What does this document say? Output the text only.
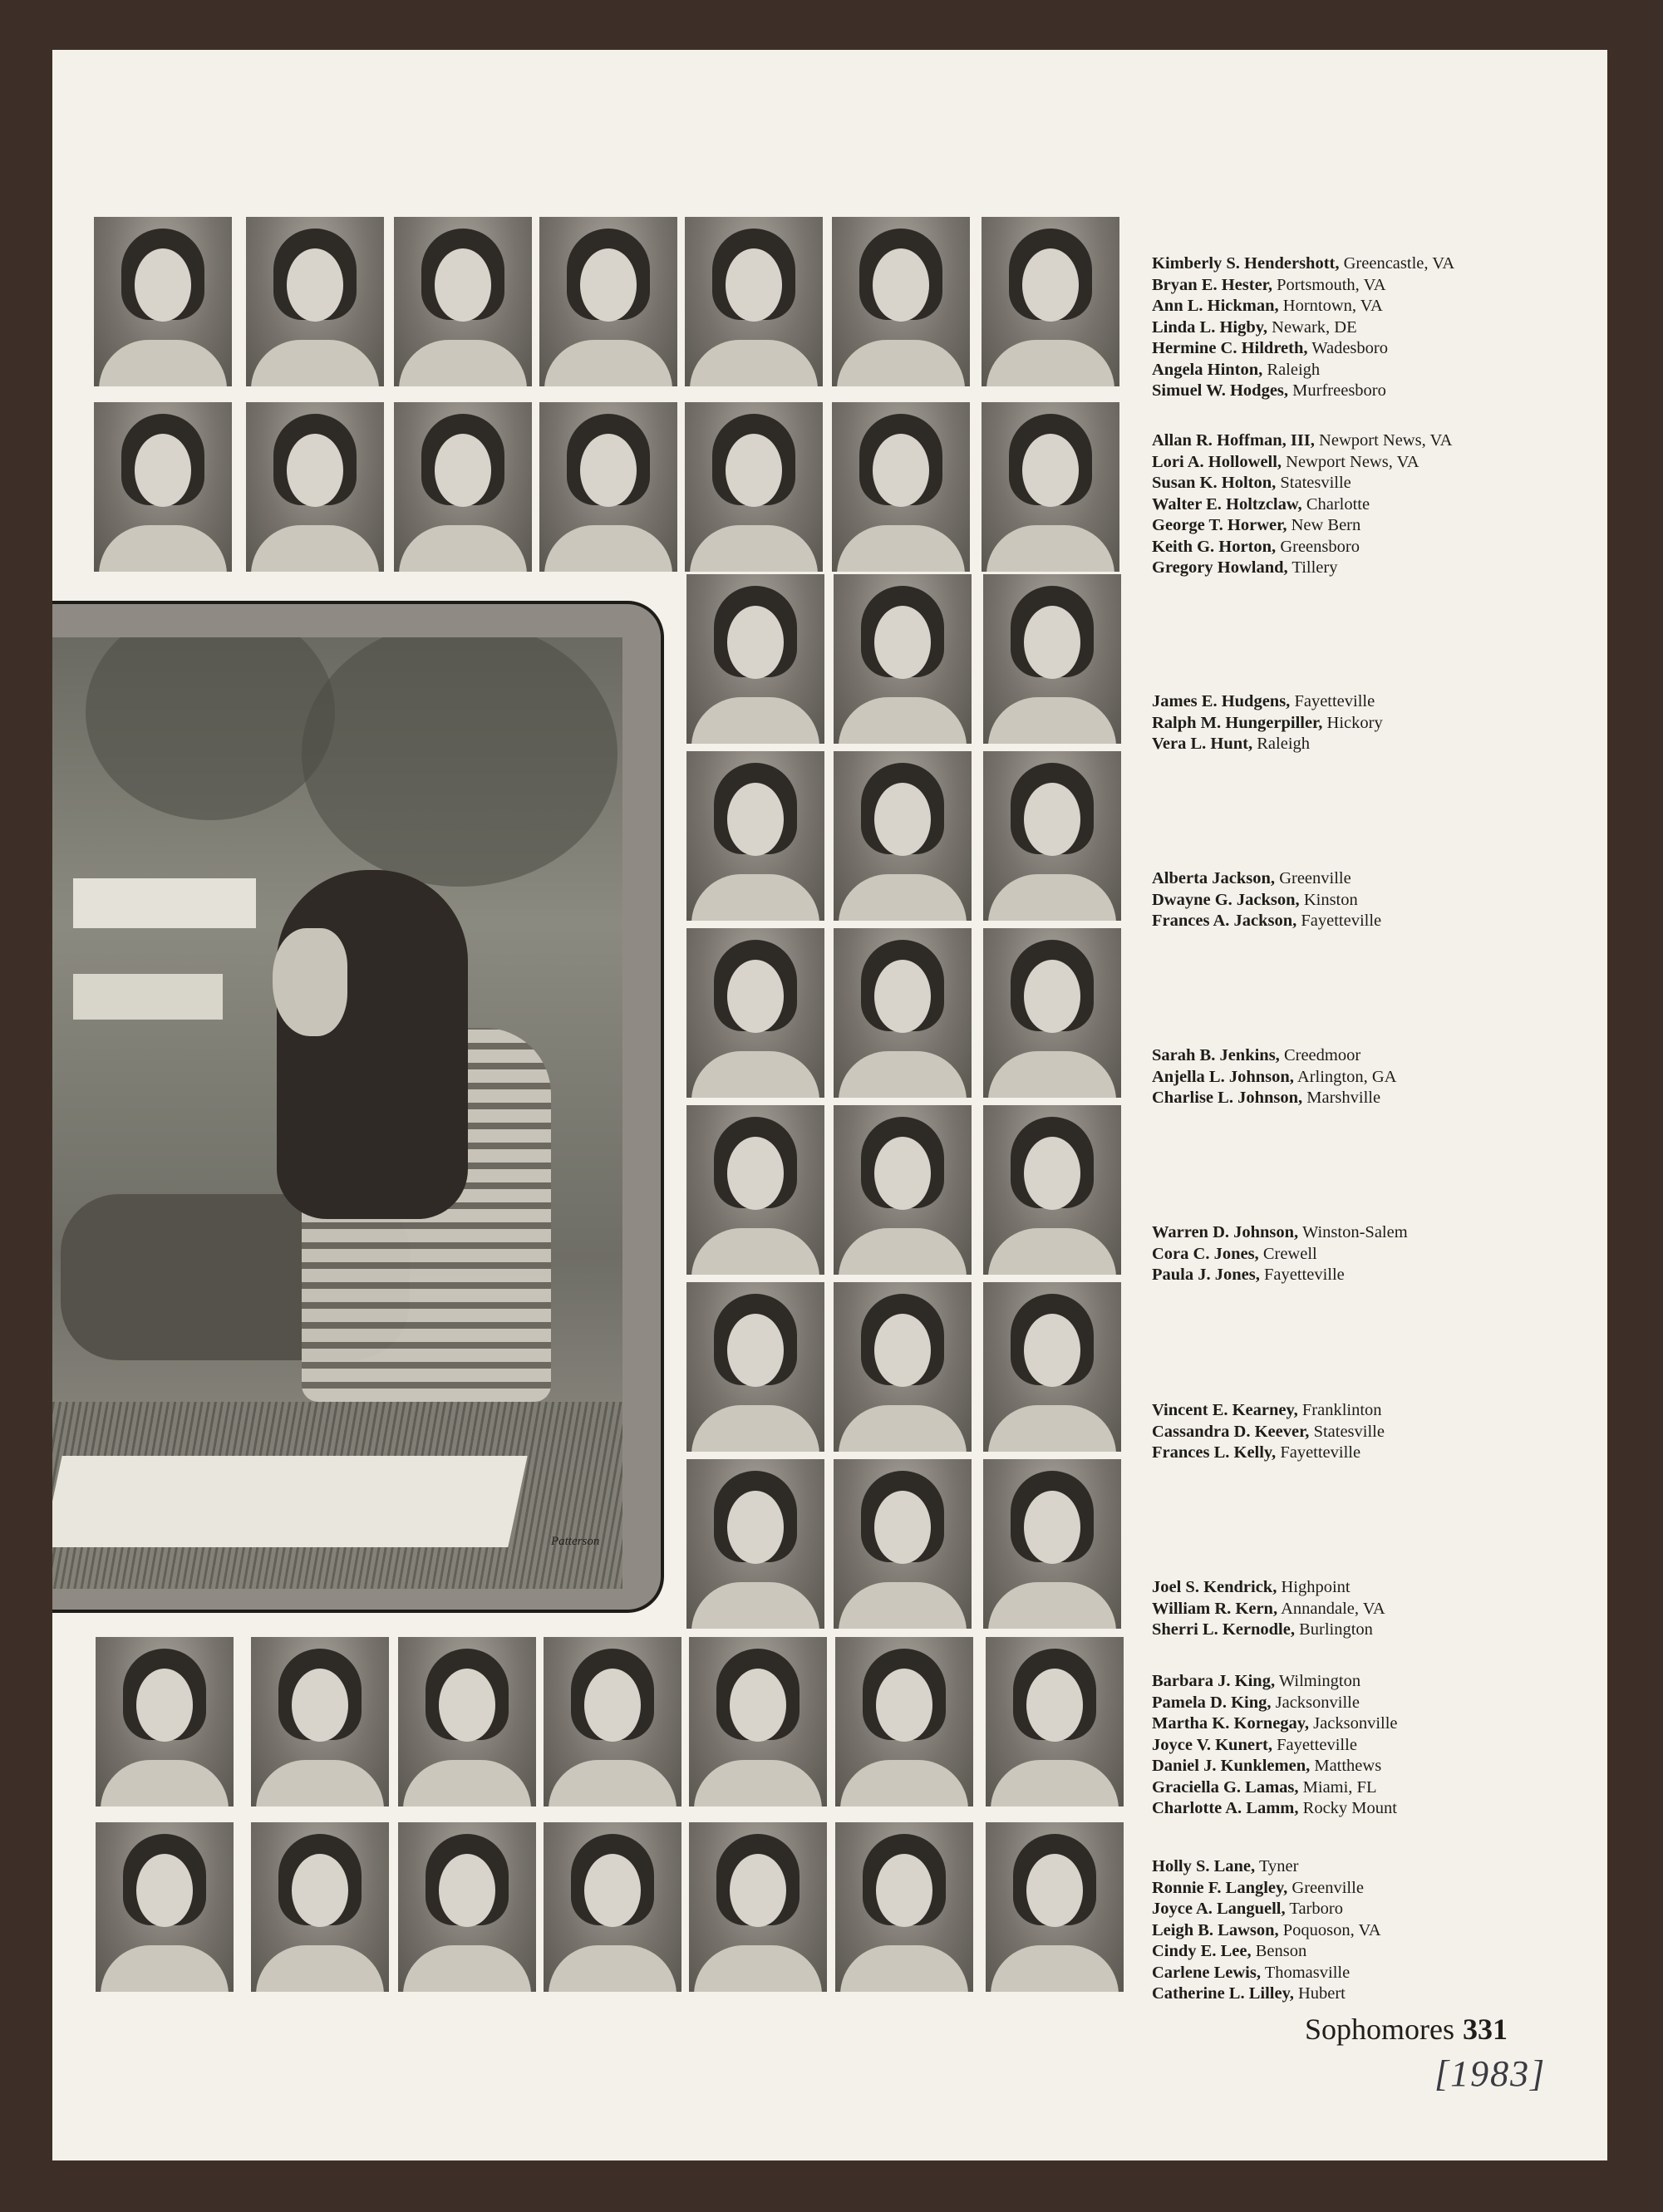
Patterson
Kimberly S. Hendershott, Greencastle, VA
Bryan E. Hester, Portsmouth, VA
Ann L. Hickman, Horntown, VA
Linda L. Higby, Newark, DE
Hermine C. Hildreth, Wadesboro
Angela Hinton, Raleigh
Simuel W. Hodges, Murfreesboro
Allan R. Hoffman, III, Newport News, VA
Lori A. Hollowell, Newport News, VA
Susan K. Holton, Statesville
Walter E. Holtzclaw, Charlotte
George T. Horwer, New Bern
Keith G. Horton, Greensboro
Gregory Howland, Tillery
James E. Hudgens, Fayetteville
Ralph M. Hungerpiller, Hickory
Vera L. Hunt, Raleigh
Alberta Jackson, Greenville
Dwayne G. Jackson, Kinston
Frances A. Jackson, Fayetteville
Sarah B. Jenkins, Creedmoor
Anjella L. Johnson, Arlington, GA
Charlise L. Johnson, Marshville
Warren D. Johnson, Winston-Salem
Cora C. Jones, Crewell
Paula J. Jones, Fayetteville
Vincent E. Kearney, Franklinton
Cassandra D. Keever, Statesville
Frances L. Kelly, Fayetteville
Joel S. Kendrick, Highpoint
William R. Kern, Annandale, VA
Sherri L. Kernodle, Burlington
Barbara J. King, Wilmington
Pamela D. King, Jacksonville
Martha K. Kornegay, Jacksonville
Joyce V. Kunert, Fayetteville
Daniel J. Kunklemen, Matthews
Graciella G. Lamas, Miami, FL
Charlotte A. Lamm, Rocky Mount
Holly S. Lane, Tyner
Ronnie F. Langley, Greenville
Joyce A. Languell, Tarboro
Leigh B. Lawson, Poquoson, VA
Cindy E. Lee, Benson
Carlene Lewis, Thomasville
Catherine L. Lilley, Hubert
Sophomores 331
[1983]
